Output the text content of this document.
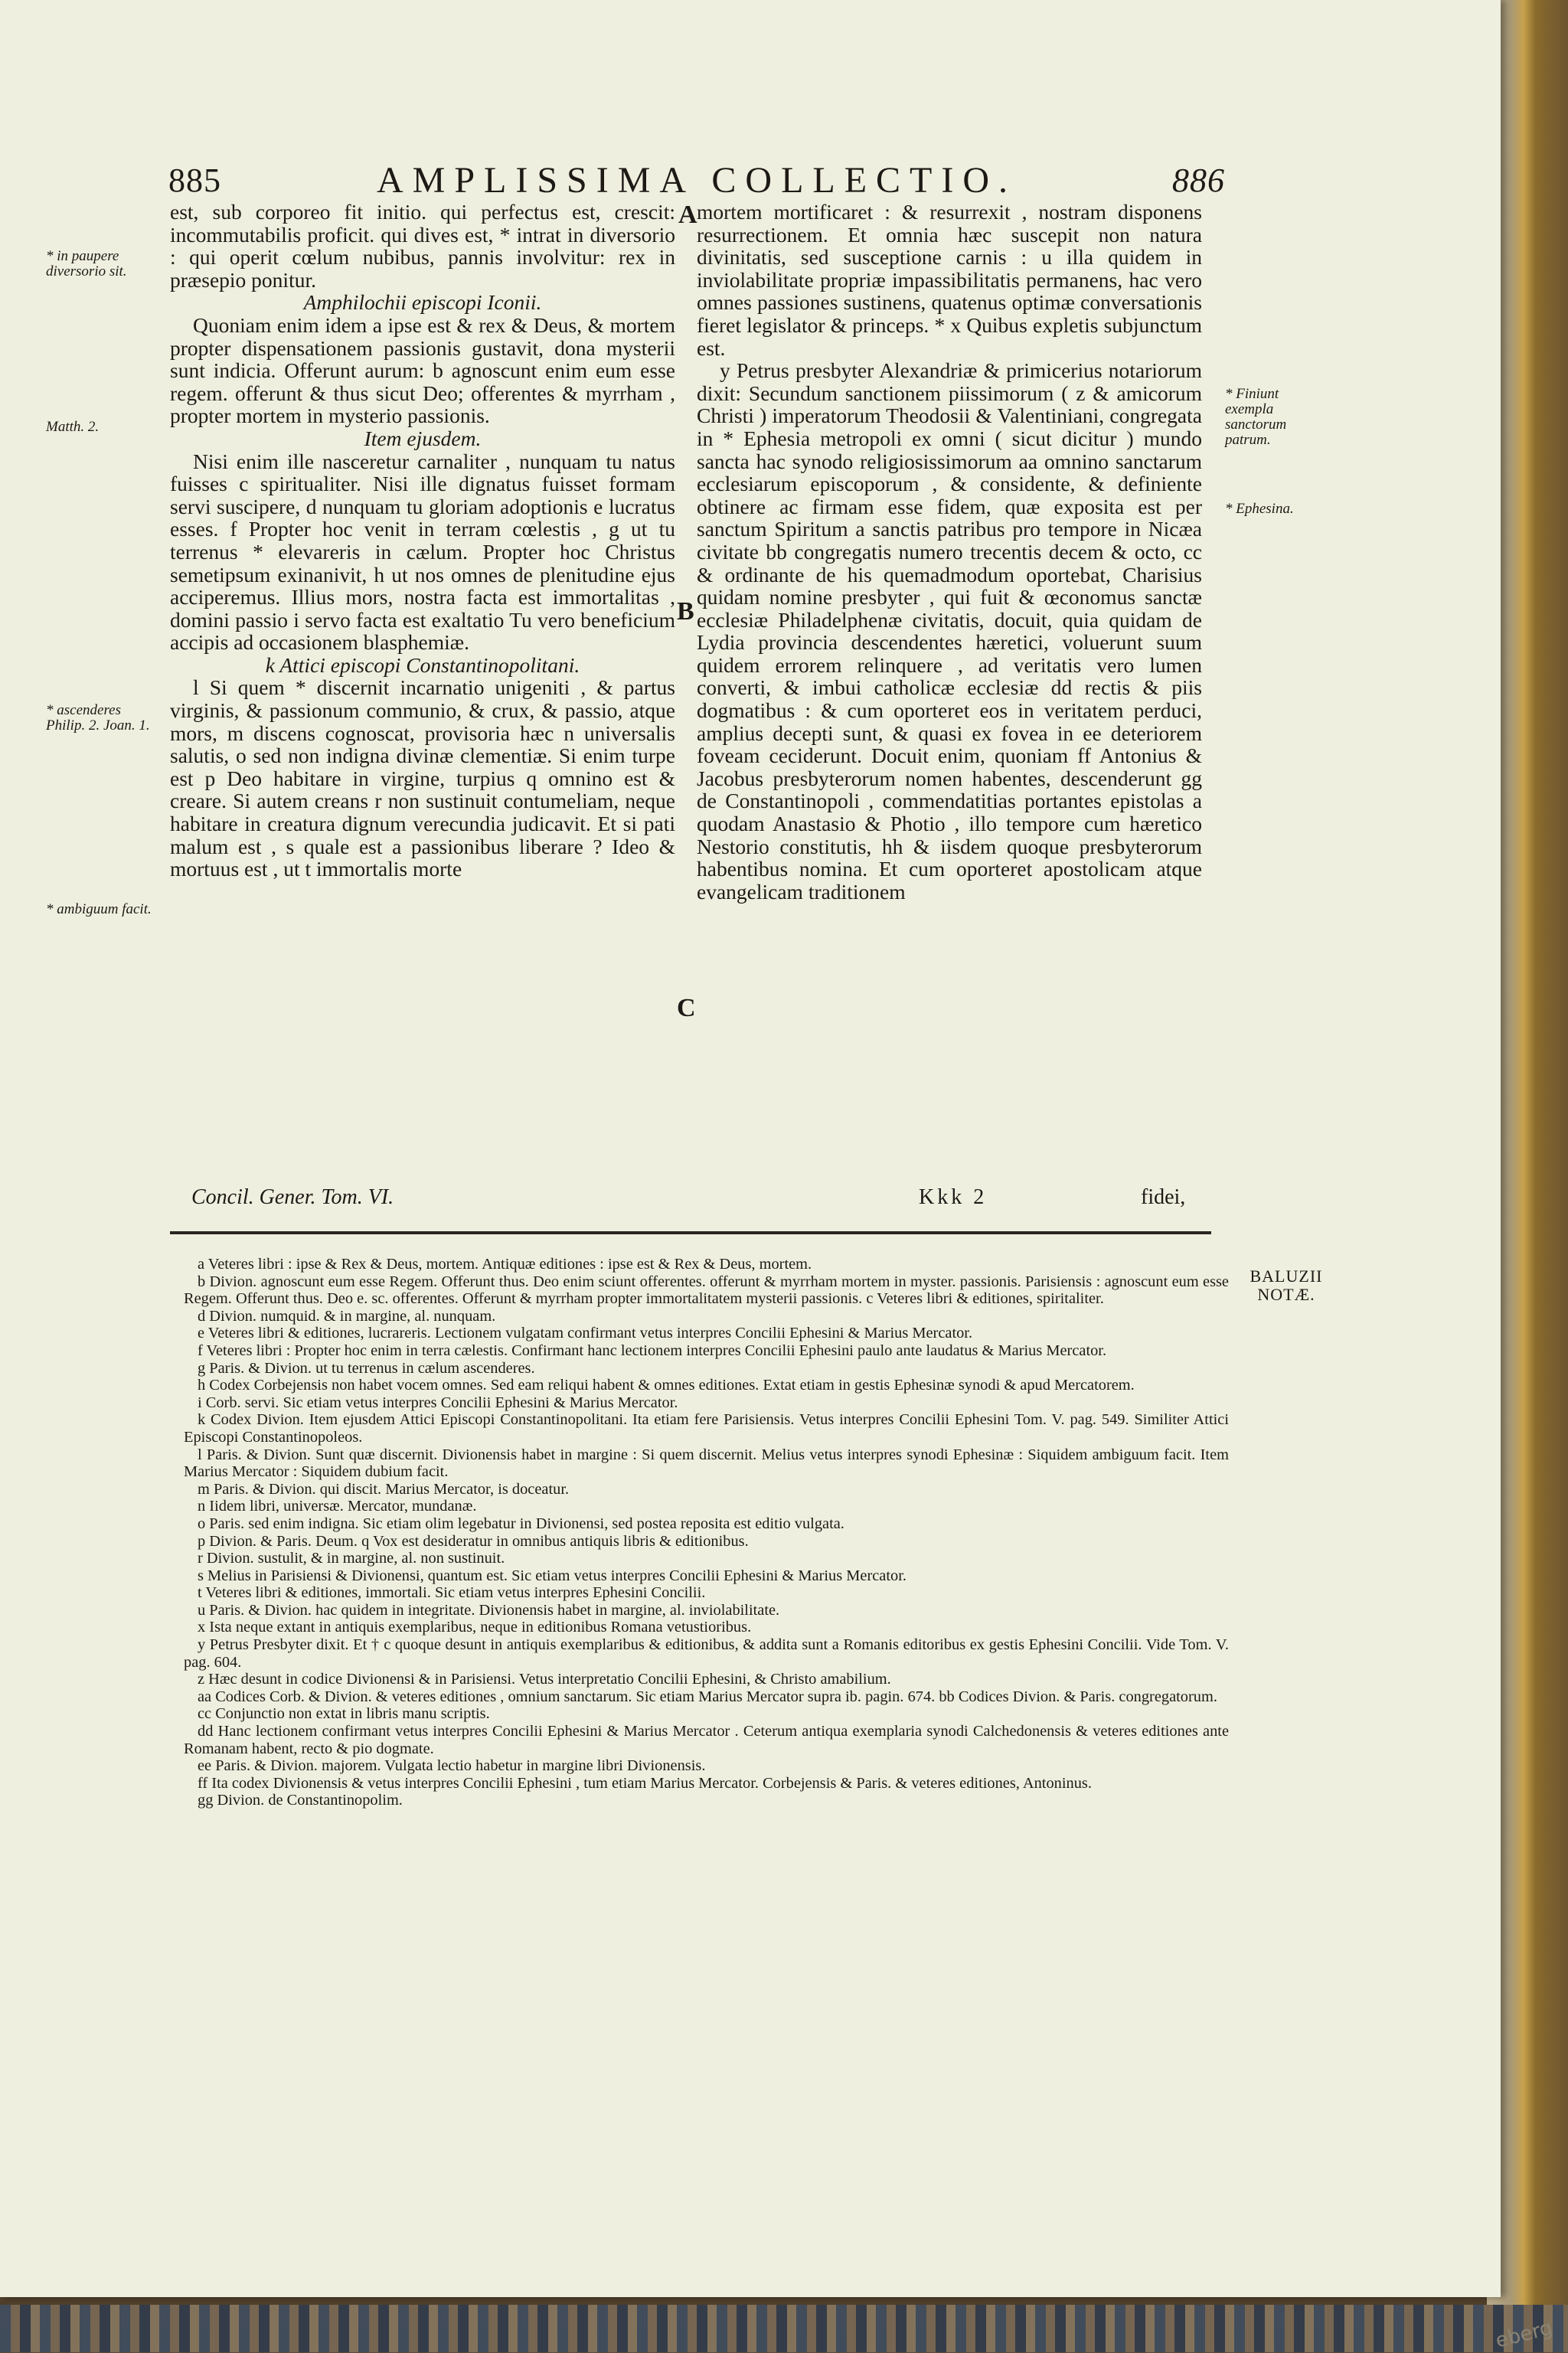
885	AMPLISSIMA COLLECTIO.	886
A
B
C

est, sub corporeo fit initio. qui perfectus est, crescit: incommutabilis proficit. qui dives est, * intrat in diversorio : qui operit cœlum nubibus, pannis involvitur: rex in præsepio ponitur.

Amphilochii episcopi Iconii.

Quoniam enim idem a ipse est & rex & Deus, & mortem propter dispensationem passionis gustavit, dona mysterii sunt indicia. Offerunt aurum: b agnoscunt enim eum esse regem. offerunt & thus sicut Deo; offerentes & myrrham , propter mortem in mysterio passionis.

Item ejusdem.

Nisi enim ille nasceretur carnaliter , nunquam tu natus fuisses c spiritualiter. Nisi ille dignatus fuisset formam servi suscipere, d nunquam tu gloriam adoptionis e lucratus esses. f Propter hoc venit in terram cœlestis , g ut tu terrenus * elevareris in cælum. Propter hoc Christus semetipsum exinanivit, h ut nos omnes de plenitudine ejus acciperemus. Illius mors, nostra facta est immortalitas , domini passio i servo facta est exaltatio Tu vero beneficium accipis ad occasionem blasphemiæ.

k Attici episcopi Constantinopolitani.

l Si quem * discernit incarnatio unigeniti , & partus virginis, & passionum communio, & crux, & passio, atque mors, m discens cognoscat, provisoria hæc n universalis salutis, o sed non indigna divinæ clementiæ. Si enim turpe est p Deo habitare in virgine, turpius q omnino est & creare. Si autem creans r non sustinuit contumeliam, neque habitare in creatura dignum verecundia judicavit. Et si pati malum est , s quale est a passionibus liberare ? Ideo & mortuus est , ut t immortalis morte

mortem mortificaret : & resurrexit , nostram disponens resurrectionem. Et omnia hæc suscepit non natura divinitatis, sed susceptione carnis : u illa quidem in inviolabilitate propriæ impassibilitatis permanens, hac vero omnes passiones sustinens, quatenus optimæ conversationis fieret legislator & princeps. * x Quibus expletis subjunctum est.

y Petrus presbyter Alexandriæ & primicerius notariorum dixit: Secundum sanctionem piissimorum ( z & amicorum Christi ) imperatorum Theodosii & Valentiniani, congregata in * Ephesia metropoli ex omni ( sicut dicitur ) mundo sancta hac synodo religiosissimorum aa omnino sanctarum ecclesiarum episcoporum , & considente, & definiente obtinere ac firmam esse fidem, quæ exposita est per sanctum Spiritum a sanctis patribus pro tempore in Nicæa civitate bb congregatis numero trecentis decem & octo, cc & ordinante de his quemadmodum oportebat, Charisius quidam nomine presbyter , qui fuit & œconomus sanctæ ecclesiæ Philadelphenæ civitatis, docuit, quia quidam de Lydia provincia descendentes hæretici, voluerunt suum quidem errorem relinquere , ad veritatis vero lumen converti, & imbui catholicæ ecclesiæ dd rectis & piis dogmatibus : & cum oporteret eos in veritatem perduci, amplius decepti sunt, & quasi ex fovea in ee deteriorem foveam ceciderunt. Docuit enim, quoniam ff Antonius & Jacobus presbyterorum nomen habentes, descenderunt gg de Constantinopoli , commendatitias portantes epistolas a quodam Anastasio & Photio , illo tempore cum hæretico Nestorio constitutis, hh & iisdem quoque presbyterorum habentibus nomina. Et cum oporteret apostolicam atque evangelicam traditionem

* in paupere diversorio sit.
Matth. 2.
* ascenderes Philip. 2. Joan. 1.
* ambiguum facit.
* Finiunt exempla sanctorum patrum.
* Ephesina.
Concil. Gener. Tom. VI.	Kkk 2	fidei,
BALUZII NOTÆ.

a Veteres libri : ipse & Rex & Deus, mortem. Antiquæ editiones : ipse est & Rex & Deus, mortem.

b Divion. agnoscunt eum esse Regem. Offerunt thus. Deo enim sciunt offerentes. offerunt & myrrham mortem in myster. passionis. Parisiensis : agnoscunt eum esse Regem. Offerunt thus. Deo e. sc. offerentes. Offerunt & myrrham propter immortalitatem mysterii passionis. c Veteres libri & editiones, spiritaliter.

d Divion. numquid. & in margine, al. nunquam.

e Veteres libri & editiones, lucrareris. Lectionem vulgatam confirmant vetus interpres Concilii Ephesini & Marius Mercator.

f Veteres libri : Propter hoc enim in terra cælestis. Confirmant hanc lectionem interpres Concilii Ephesini paulo ante laudatus & Marius Mercator.

g Paris. & Divion. ut tu terrenus in cælum ascenderes.

h Codex Corbejensis non habet vocem omnes. Sed eam reliqui habent & omnes editiones. Extat etiam in gestis Ephesinæ synodi & apud Mercatorem.

i Corb. servi. Sic etiam vetus interpres Concilii Ephesini & Marius Mercator.

k Codex Divion. Item ejusdem Attici Episcopi Constantinopolitani. Ita etiam fere Parisiensis. Vetus interpres Concilii Ephesini Tom. V. pag. 549. Similiter Attici Episcopi Constantinopoleos.

l Paris. & Divion. Sunt quæ discernit. Divionensis habet in margine : Si quem discernit. Melius vetus interpres synodi Ephesinæ : Siquidem ambiguum facit. Item Marius Mercator : Siquidem dubium facit.

m Paris. & Divion. qui discit. Marius Mercator, is doceatur.

n Iidem libri, universæ. Mercator, mundanæ.

o Paris. sed enim indigna. Sic etiam olim legebatur in Divionensi, sed postea reposita est editio vulgata.

p Divion. & Paris. Deum. q Vox est desideratur in omnibus antiquis libris & editionibus.

r Divion. sustulit, & in margine, al. non sustinuit.

s Melius in Parisiensi & Divionensi, quantum est. Sic etiam vetus interpres Concilii Ephesini & Marius Mercator.

t Veteres libri & editiones, immortali. Sic etiam vetus interpres Ephesini Concilii.

u Paris. & Divion. hac quidem in integritate. Divionensis habet in margine, al. inviolabilitate.

x Ista neque extant in antiquis exemplaribus, neque in editionibus Romana vetustioribus.

y Petrus Presbyter dixit. Et † c quoque desunt in antiquis exemplaribus & editionibus, & addita sunt a Romanis editoribus ex gestis Ephesini Concilii. Vide Tom. V. pag. 604.

z Hæc desunt in codice Divionensi & in Parisiensi. Vetus interpretatio Concilii Ephesini, & Christo amabilium.

aa Codices Corb. & Divion. & veteres editiones , omnium sanctarum. Sic etiam Marius Mercator supra ib. pagin. 674. bb Codices Divion. & Paris. congregatorum.

cc Conjunctio non extat in libris manu scriptis.

dd Hanc lectionem confirmant vetus interpres Concilii Ephesini & Marius Mercator . Ceterum antiqua exemplaria synodi Calchedonensis & veteres editiones ante Romanam habent, recto & pio dogmate.

ee Paris. & Divion. majorem. Vulgata lectio habetur in margine libri Divionensis.

ff Ita codex Divionensis & vetus interpres Concilii Ephesini , tum etiam Marius Mercator. Corbejensis & Paris. & veteres editiones, Antoninus.

gg Divion. de Constantinopolim.

eberg
